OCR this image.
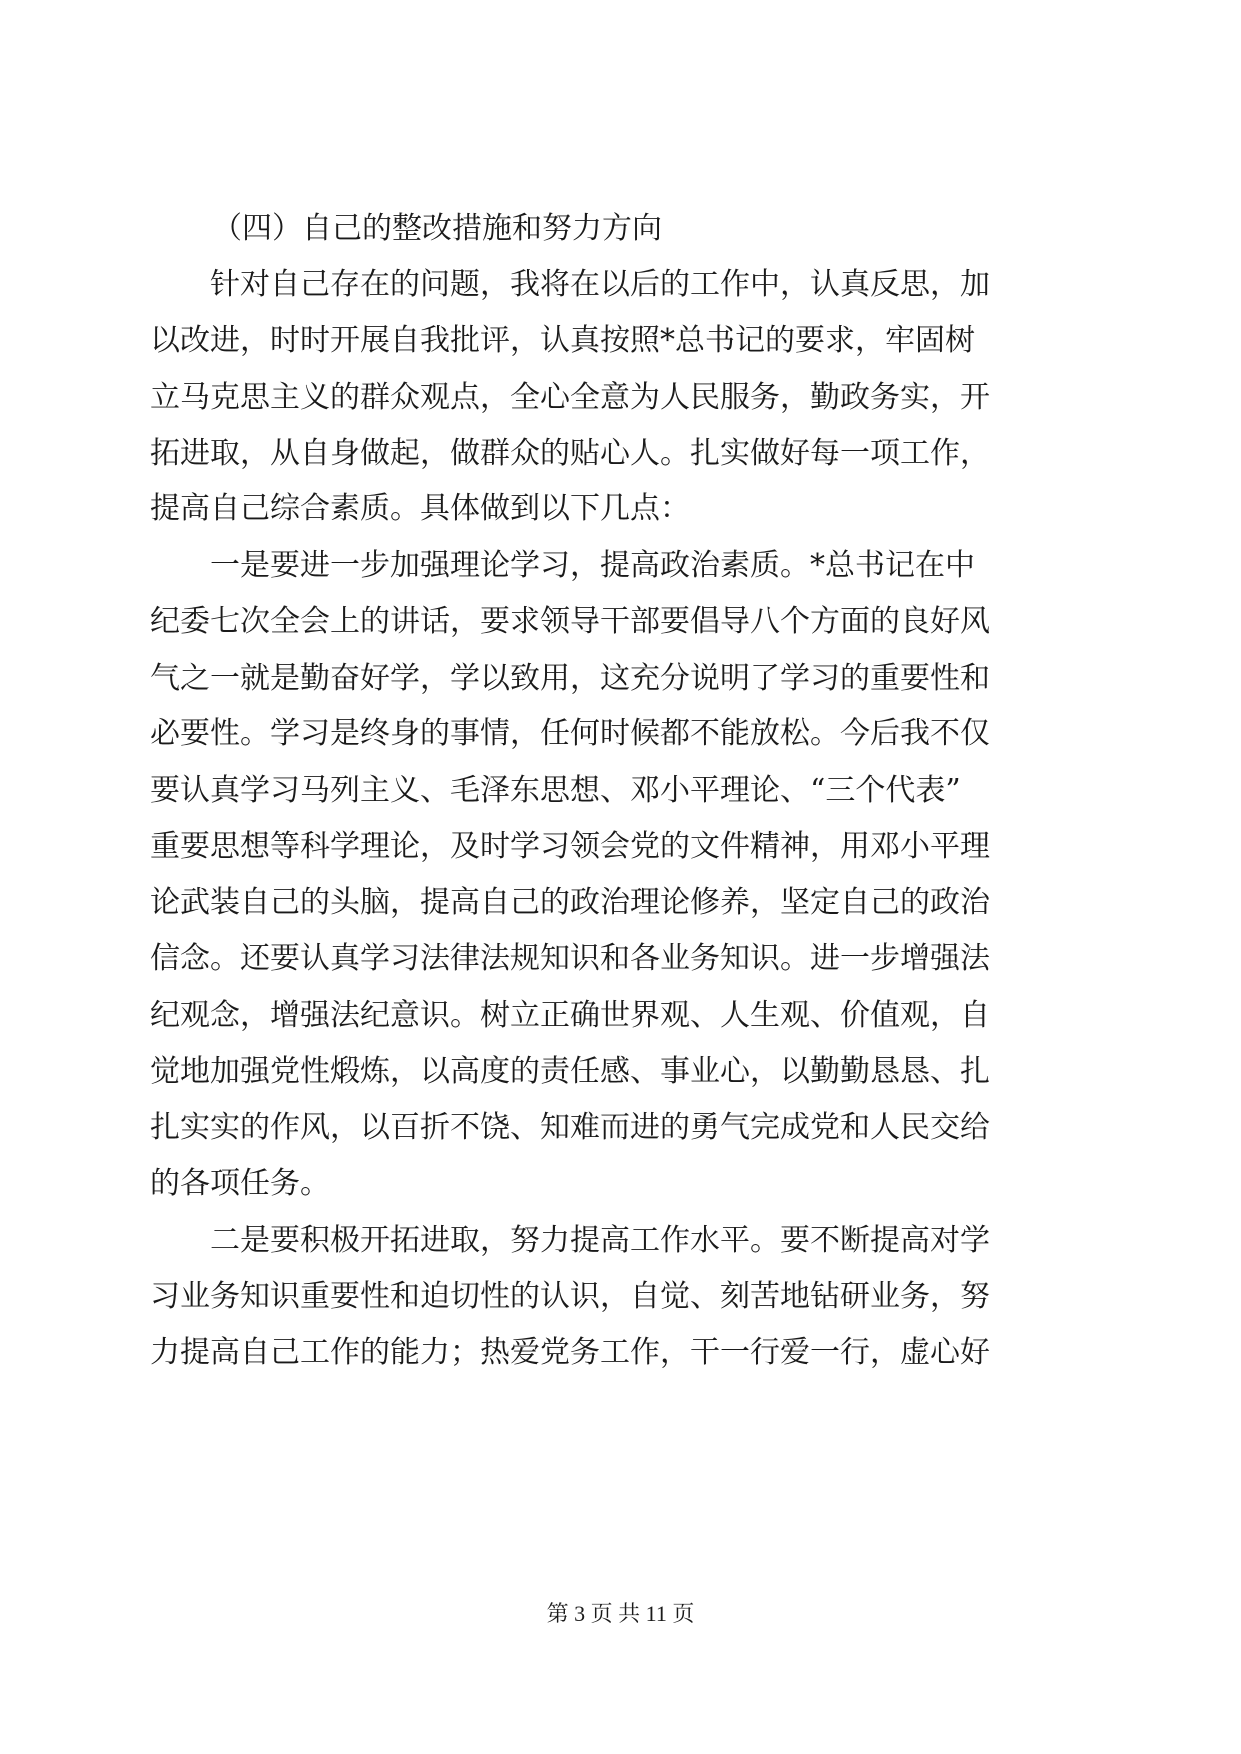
（四）自己的整改措施和努力方向
针对自己存在的问题，我将在以后的工作中，认真反思，加
以改进，时时开展自我批评，认真按照*总书记的要求，牢固树
立马克思主义的群众观点，全心全意为人民服务，勤政务实，开
拓进取，从自身做起，做群众的贴心人。扎实做好每一项工作，
提高自己综合素质。具体做到以下几点：
一是要进一步加强理论学习，提高政治素质。*总书记在中
纪委七次全会上的讲话，要求领导干部要倡导八个方面的良好风
气之一就是勤奋好学，学以致用，这充分说明了学习的重要性和
必要性。学习是终身的事情，任何时候都不能放松。今后我不仅
要认真学习马列主义、毛泽东思想、邓小平理论、“三个代表”
重要思想等科学理论，及时学习领会党的文件精神，用邓小平理
论武装自己的头脑，提高自己的政治理论修养，坚定自己的政治
信念。还要认真学习法律法规知识和各业务知识。进一步增强法
纪观念，增强法纪意识。树立正确世界观、人生观、价值观，自
觉地加强党性煅炼，以高度的责任感、事业心，以勤勤恳恳、扎
扎实实的作风，以百折不饶、知难而进的勇气完成党和人民交给
的各项任务。
二是要积极开拓进取，努力提高工作水平。要不断提高对学
习业务知识重要性和迫切性的认识，自觉、刻苦地钻研业务，努
力提高自己工作的能力；热爱党务工作，干一行爱一行，虚心好
第 3 页 共 11 页
